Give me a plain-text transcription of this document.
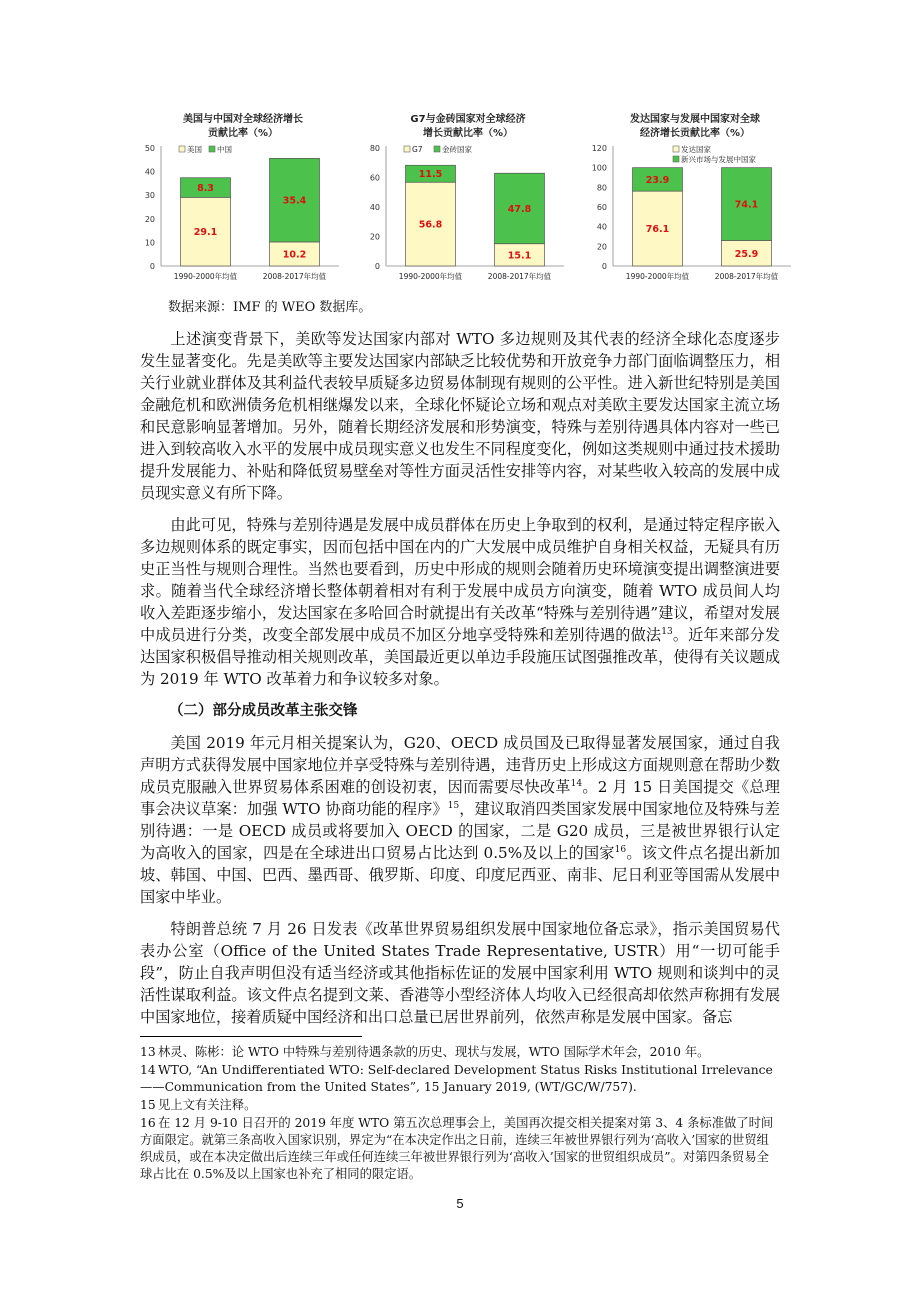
美国与中国对全球经济增长
贡献比率（%）
0
10
20
30
40
50	美国 中国
29.1
8.3
1990-2000年均值
10.2
35.4
2008-2017年均值
G7与金砖国家对全球经济
增长贡献比率（%）
0
20
40
60
80	G7	金砖国家
56.8
11.5
1990-2000年均值
15.1
47.8
2008-2017年均值
发达国家与发展中国家对全球
经济增长贡献比率（%）
0
20
40
60
80
100
120	发达国家
新兴市场与发展中国家
76.1
23.9
1990-2000年均值
25.9
74.1
2008-2017年均值
数据来源：IMF 的 WEO 数据库。

上述演变背景下，美欧等发达国家内部对 WTO 多边规则及其代表的经济全球化态度逐步发生显著变化。先是美欧等主要发达国家内部缺乏比较优势和开放竞争力部门面临调整压力，相关行业就业群体及其利益代表较早质疑多边贸易体制现有规则的公平性。进入新世纪特别是美国金融危机和欧洲债务危机相继爆发以来，全球化怀疑论立场和观点对美欧主要发达国家主流立场和民意影响显著增加。另外，随着长期经济发展和形势演变，特殊与差别待遇具体内容对一些已进入到较高收入水平的发展中成员现实意义也发生不同程度变化，例如这类规则中通过技术援助提升发展能力、补贴和降低贸易壁垒对等性方面灵活性安排等内容，对某些收入较高的发展中成员现实意义有所下降。

由此可见，特殊与差别待遇是发展中成员群体在历史上争取到的权利，是通过特定程序嵌入多边规则体系的既定事实，因而包括中国在内的广大发展中成员维护自身相关权益，无疑具有历史正当性与规则合理性。当然也要看到，历史中形成的规则会随着历史环境演变提出调整演进要求。随着当代全球经济增长整体朝着相对有利于发展中成员方向演变，随着 WTO 成员间人均收入差距逐步缩小，发达国家在多哈回合时就提出有关改革“特殊与差别待遇”建议，希望对发展中成员进行分类，改变全部发展中成员不加区分地享受特殊和差别待遇的做法$^{13}$。近年来部分发达国家积极倡导推动相关规则改革，美国最近更以单边手段施压试图强推改革，使得有关议题成为 2019 年 WTO 改革着力和争议较多对象。

（二）部分成员改革主张交锋

美国 2019 年元月相关提案认为，G20、OECD 成员国及已取得显著发展国家，通过自我声明方式获得发展中国家地位并享受特殊与差别待遇，违背历史上形成这方面规则意在帮助少数成员克服融入世界贸易体系困难的创设初衷，因而需要尽快改革$^{14}$。2 月 15 日美国提交《总理事会决议草案：加强 WTO 协商功能的程序》$^{15}$，建议取消四类国家发展中国家地位及特殊与差别待遇：一是 OECD 成员或将要加入 OECD 的国家，二是 G20 成员，三是被世界银行认定为高收入的国家，四是在全球进出口贸易占比达到 0.5%及以上的国家$^{16}$。该文件点名提出新加坡、韩国、中国、巴西、墨西哥、俄罗斯、印度、印度尼西亚、南非、尼日利亚等国需从发展中国家中毕业。

特朗普总统 7 月 26 日发表《改革世界贸易组织发展中国家地位备忘录》，指示美国贸易代表办公室（Office of the United States Trade Representative, USTR）用“一切可能手段”，防止自我声明但没有适当经济或其他指标佐证的发展中国家利用 WTO 规则和谈判中的灵活性谋取利益。该文件点名提到文莱、香港等小型经济体人均收入已经很高却依然声称拥有发展中国家地位，接着质疑中国经济和出口总量已居世界前列，依然声称是发展中国家。备忘

13 林灵、陈彬：论 WTO 中特殊与差别待遇条款的历史、现状与发展，WTO 国际学术年会，2010 年。

14 WTO, “An Undifferentiated WTO: Self-declared Development Status Risks Institutional Irrelevance——Communication from the United States”, 15 January 2019, (WT/GC/W/757).

15 见上文有关注释。

16 在 12 月 9-10 日召开的 2019 年度 WTO 第五次总理事会上，美国再次提交相关提案对第 3、4 条标准做了时间方面限定。就第三条高收入国家识别，界定为“在本决定作出之日前，连续三年被世界银行列为‘高收入’国家的世贸组织成员，或在本决定做出后连续三年或任何连续三年被世界银行列为‘高收入’国家的世贸组织成员”。对第四条贸易全球占比在 0.5%及以上国家也补充了相同的限定语。

5
